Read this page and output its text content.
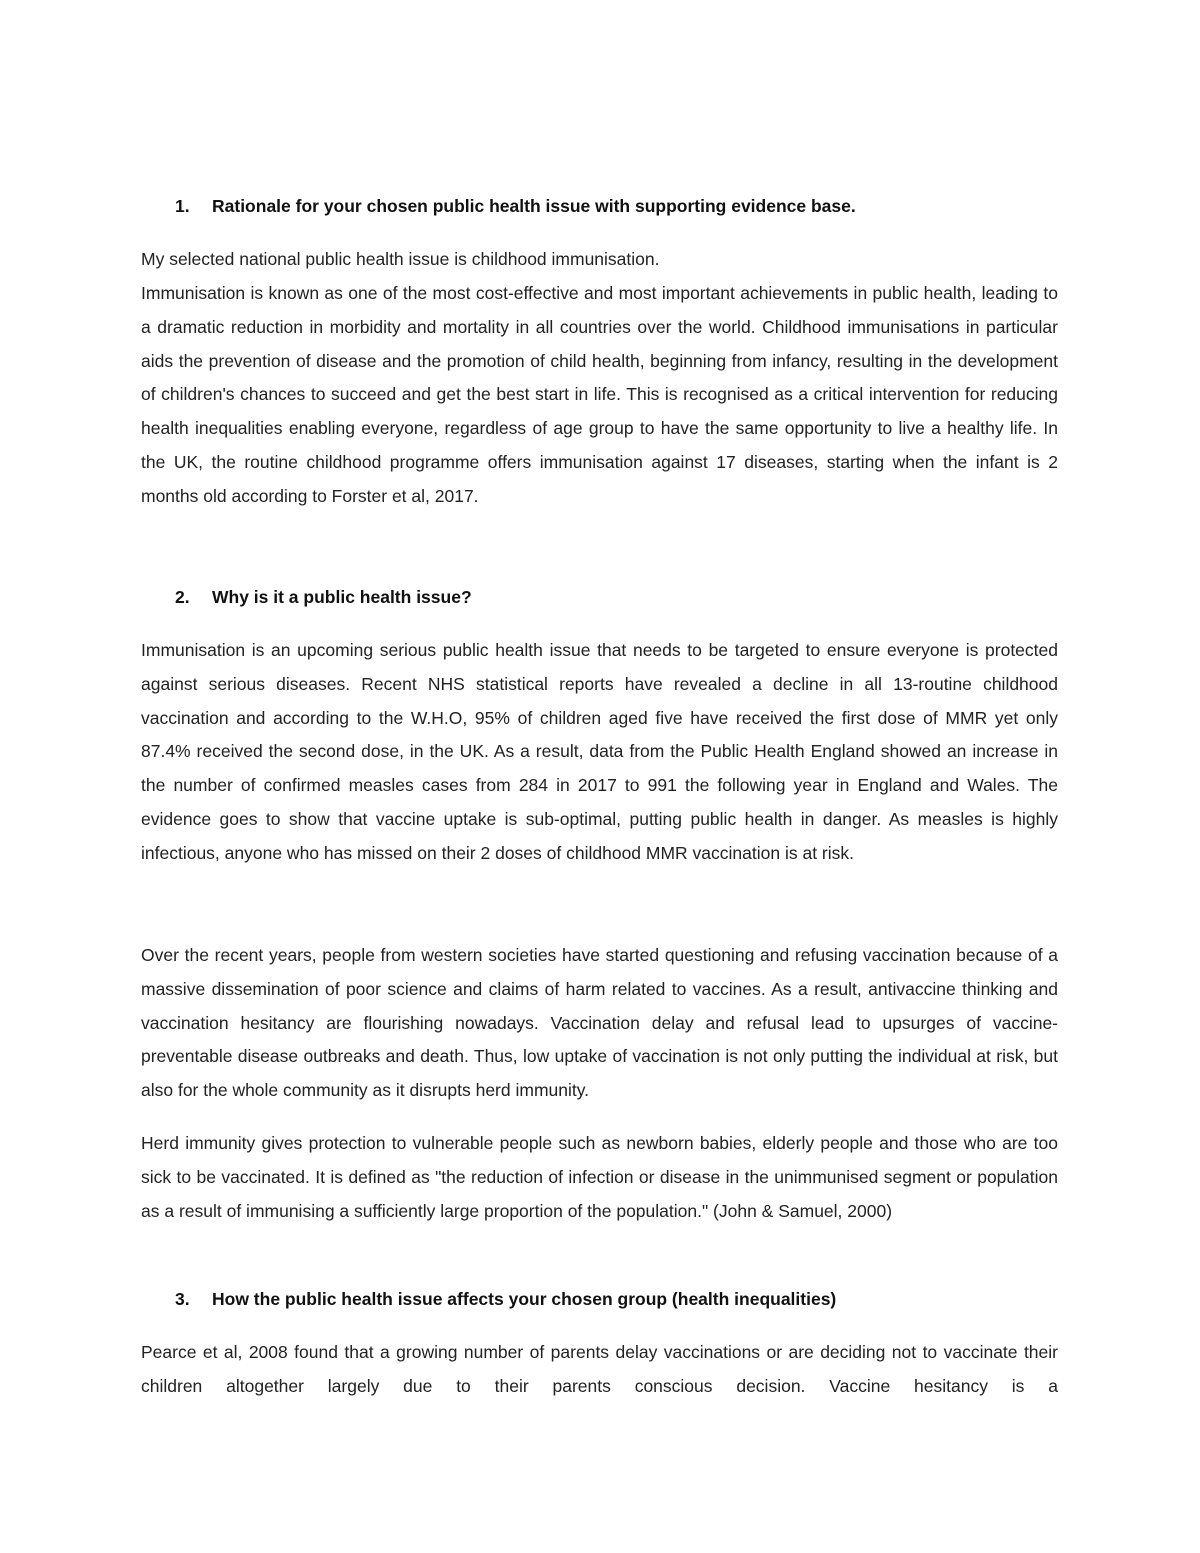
1. Rationale for your chosen public health issue with supporting evidence base.

My selected national public health issue is childhood immunisation.

Immunisation is known as one of the most cost-effective and most important achievements in public health, leading to a dramatic reduction in morbidity and mortality in all countries over the world. Childhood immunisations in particular aids the prevention of disease and the promotion of child health, beginning from infancy, resulting in the development of children's chances to succeed and get the best start in life. This is recognised as a critical intervention for reducing health inequalities enabling everyone, regardless of age group to have the same opportunity to live a healthy life. In the UK, the routine childhood programme offers immunisation against 17 diseases, starting when the infant is 2 months old according to Forster et al, 2017.

2. Why is it a public health issue?

Immunisation is an upcoming serious public health issue that needs to be targeted to ensure everyone is protected against serious diseases. Recent NHS statistical reports have revealed a decline in all 13-routine childhood vaccination and according to the W.H.O, 95% of children aged five have received the first dose of MMR yet only 87.4% received the second dose, in the UK. As a result, data from the Public Health England showed an increase in the number of confirmed measles cases from 284 in 2017 to 991 the following year in England and Wales. The evidence goes to show that vaccine uptake is sub-optimal, putting public health in danger. As measles is highly infectious, anyone who has missed on their 2 doses of childhood MMR vaccination is at risk.

Over the recent years, people from western societies have started questioning and refusing vaccination because of a massive dissemination of poor science and claims of harm related to vaccines. As a result, antivaccine thinking and vaccination hesitancy are flourishing nowadays. Vaccination delay and refusal lead to upsurges of vaccine-preventable disease outbreaks and death. Thus, low uptake of vaccination is not only putting the individual at risk, but also for the whole community as it disrupts herd immunity.

Herd immunity gives protection to vulnerable people such as newborn babies, elderly people and those who are too sick to be vaccinated. It is defined as "the reduction of infection or disease in the unimmunised segment or population as a result of immunising a sufficiently large proportion of the population." (John & Samuel, 2000)

3. How the public health issue affects your chosen group (health inequalities)

Pearce et al, 2008 found that a growing number of parents delay vaccinations or are deciding not to vaccinate their children altogether largely due to their parents conscious decision. Vaccine hesitancy is a
